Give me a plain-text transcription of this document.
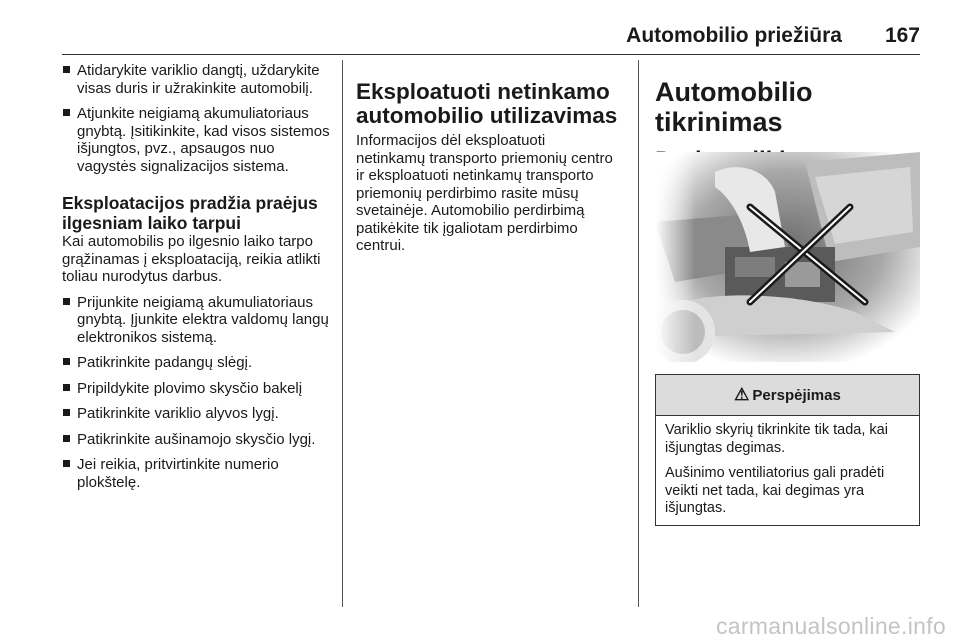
Automobilio priežiūra 167
Atidarykite variklio dangtį, uždarykite visas duris ir užrakinkite automobilį.
Atjunkite neigiamą akumuliatoriaus gnybtą. Įsitikinkite, kad visos sistemos išjungtos, pvz., apsaugos nuo vagystės signalizacijos sistema.
Eksploatacijos pradžia praėjus ilgesniam laiko tarpui

Kai automobilis po ilgesnio laiko tarpo grąžinamas į eksploataciją, reikia atlikti toliau nurodytus darbus.

Prijunkite neigiamą akumuliatoriaus gnybtą. Įjunkite elektra valdomų langų elektronikos sistemą.
Patikrinkite padangų slėgį.
Pripildykite plovimo skysčio bakelį
Patikrinkite variklio alyvos lygį.
Patikrinkite aušinamojo skysčio lygį.
Jei reikia, pritvirtinkite numerio plokštelę.
Eksploatuoti netinkamo automobilio utilizavimas

Informacijos dėl eksploatuoti netinkamų transporto priemonių centro ir eksploatuoti netinkamų transporto priemonių perdirbimo rasite mūsų svetainėje. Automobilio perdirbimą patikėkite tik įgaliotam perdirbimo centrui.

Automobilio tikrinimas
⚠ Perspėjimas

Variklio skyrių tikrinkite tik tada, kai išjungtas degimas.

Aušinimo ventiliatorius gali pradėti veikti net tada, kai degimas yra išjungtas.

carmanualsonline.info
